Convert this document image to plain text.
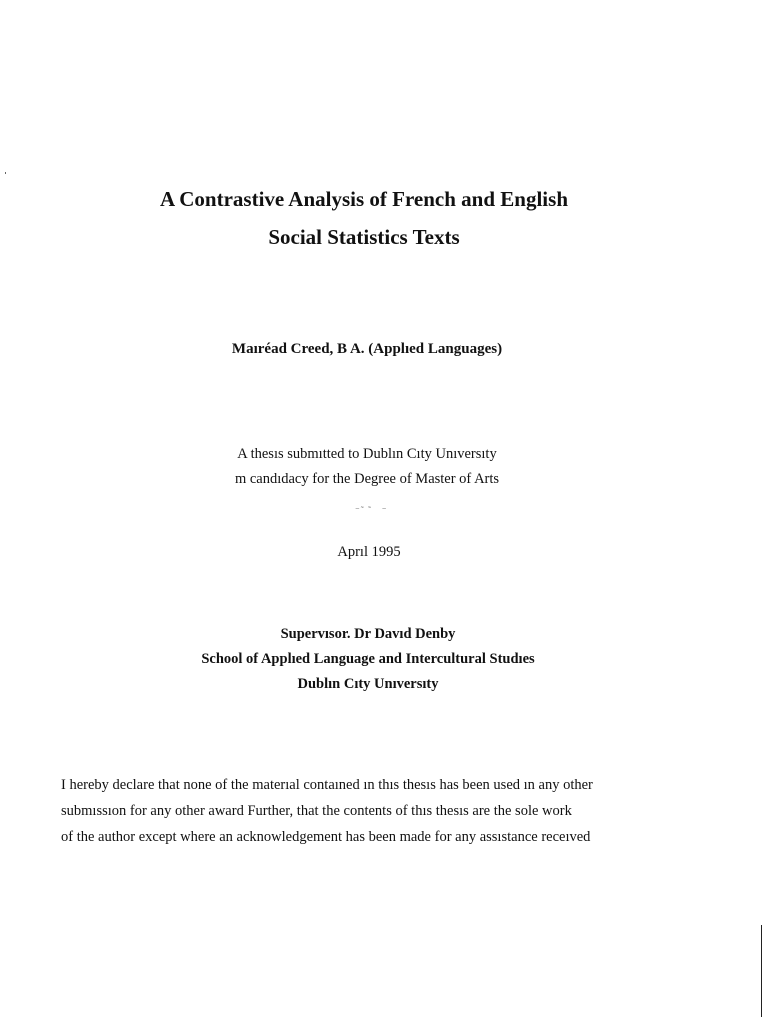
A Contrastive Analysis of French and English
Social Statistics Texts
Maıréad Creed, B A. (Applıed Languages)
A thesıs submıtted to Dublın Cıty Unıversıty
m candıdacy for the Degree of Master of Arts
⁻˜ ˜   ⁻
Aprıl 1995
Supervısor. Dr Davıd Denby
School of Applıed Language and Intercultural Studıes
Dublın Cıty Unıversıty
I hereby declare that none of the materıal contaıned ın thıs thesıs has been used ın any other
submıssıon for any other award Further, that the contents of thıs thesıs are the sole work
of the author except where an acknowledgement has been made for any assıstance receıved
